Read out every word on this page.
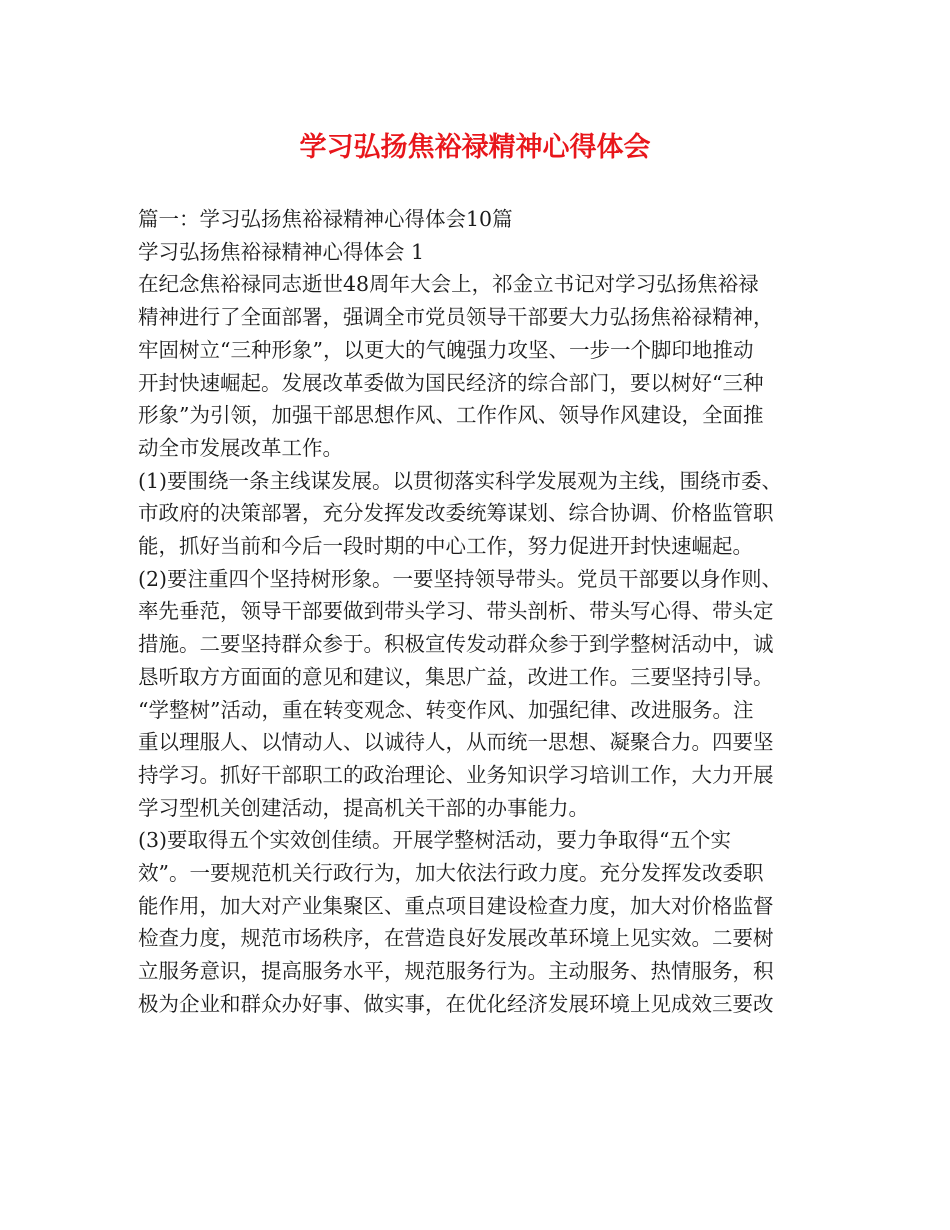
学习弘扬焦裕禄精神心得体会

篇一：学习弘扬焦裕禄精神心得体会10篇

学习弘扬焦裕禄精神心得体会 1

在纪念焦裕禄同志逝世48周年大会上，祁金立书记对学习弘扬焦裕禄

精神进行了全面部署，强调全市党员领导干部要大力弘扬焦裕禄精神，

牢固树立“三种形象”，以更大的气魄强力攻坚、一步一个脚印地推动

开封快速崛起。发展改革委做为国民经济的综合部门，要以树好“三种

形象”为引领，加强干部思想作风、工作作风、领导作风建设，全面推

动全市发展改革工作。

(1)要围绕一条主线谋发展。以贯彻落实科学发展观为主线，围绕市委、

市政府的决策部署，充分发挥发改委统筹谋划、综合协调、价格监管职

能，抓好当前和今后一段时期的中心工作，努力促进开封快速崛起。

(2)要注重四个坚持树形象。一要坚持领导带头。党员干部要以身作则、

率先垂范，领导干部要做到带头学习、带头剖析、带头写心得、带头定

措施。二要坚持群众参于。积极宣传发动群众参于到学整树活动中，诚

恳听取方方面面的意见和建议，集思广益，改进工作。三要坚持引导。

“学整树”活动，重在转变观念、转变作风、加强纪律、改进服务。注

重以理服人、以情动人、以诚待人，从而统一思想、凝聚合力。四要坚

持学习。抓好干部职工的政治理论、业务知识学习培训工作，大力开展

学习型机关创建活动，提高机关干部的办事能力。

(3)要取得五个实效创佳绩。开展学整树活动，要力争取得“五个实

效”。一要规范机关行政行为，加大依法行政力度。充分发挥发改委职

能作用，加大对产业集聚区、重点项目建设检查力度，加大对价格监督

检查力度，规范市场秩序，在营造良好发展改革环境上见实效。二要树

立服务意识，提高服务水平，规范服务行为。主动服务、热情服务，积

极为企业和群众办好事、做实事，在优化经济发展环境上见成效三要改
